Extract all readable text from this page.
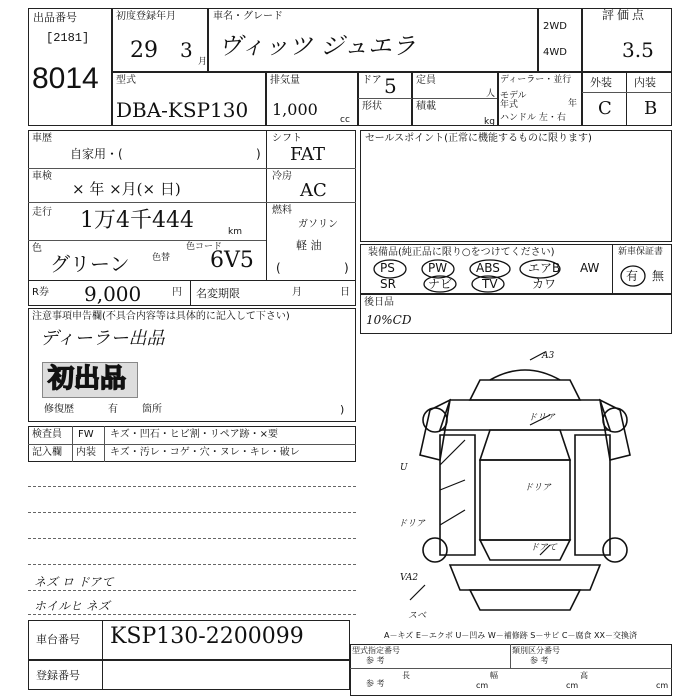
出品番号
[2181]
8014
初度登録年月
29 3 月
車名・グレード
ヴィッツ ジュエラ
2WD
4WD
評価点
3.5
型式
DBA-KSP130
排気量
1,000
cc
ドア 5
形状
定員
人
積載
kg
ディーラー・並行
モデル年式	年
ハンドル 左・右
外装 内装
C B
車歴
自家用・(	)
車検
× 年 ×月(× 日)
走行 1万4千444	km
色
グリーン 色替
色コード
6V5
シフト
FAT
冷房
AC
燃料
ガソリン
軽 油
(	)
R券 9,000	円 名変期限	月	日
注意事項申告欄(不具合内容等は具体的に記入して下さい)
ディーラー出品
初出品
修復歴	有 箇所	)
検査員
記入欄
FW キズ・凹石・ヒビ割・リペア跡・×要
内装 キズ・汚レ・コゲ・穴・ヌレ・キレ・破レ
ネズ ロ ドアて
ホイルヒ ネズ
セールスポイント(正常に機能するものに限ります)
装備品(純正品に限り○をつけてください)	新車保証書
PS	PW ABS エアB AW
SR	ナビ TV	カワ
有 無
後日品
10%CD
A3
ドリア
ドリア
ドリア
U
ドアて
VA2
スベ
A－キズ E－エクボ U－凹み W－補修跡 S－サビ C－腐食 XX－交換済
車台番号 KSP130-2200099
登録番号
型式指定番号
参 考
類別区分番号
参 考
参 考
長
cm
幅
cm
高
cm
